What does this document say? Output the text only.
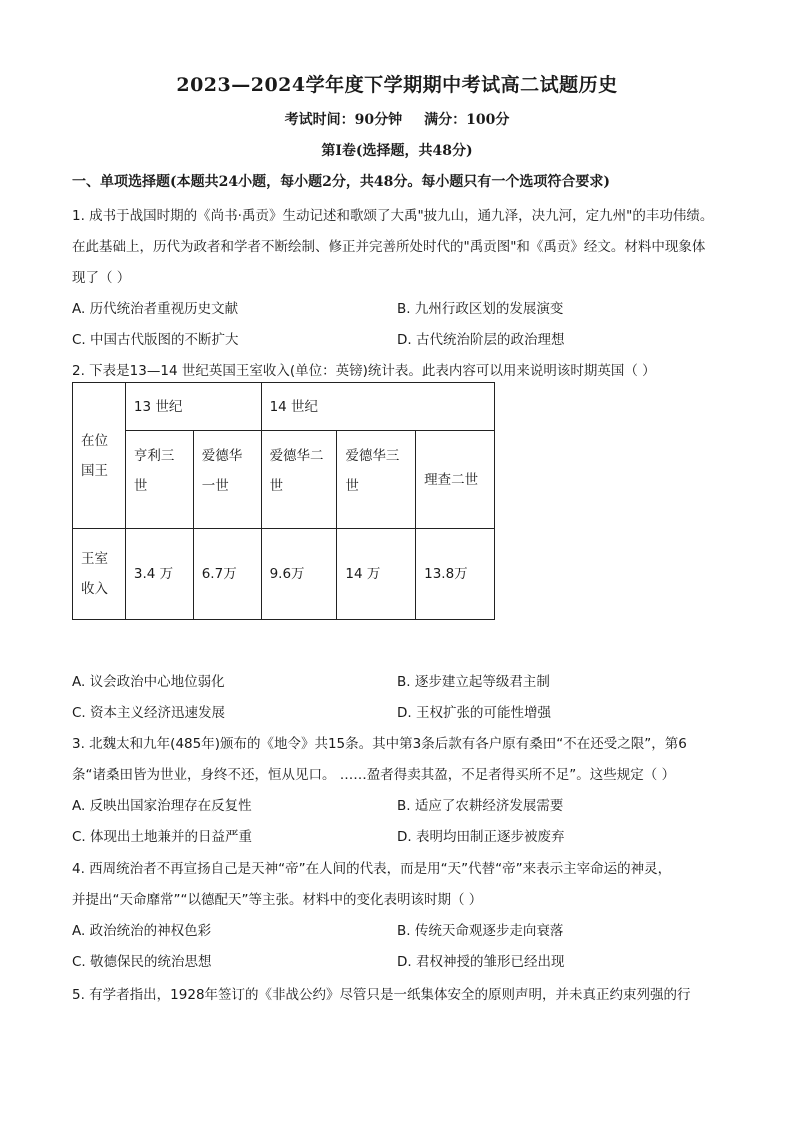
2023—2024学年度下学期期中考试高二试题历史
考试时间：90分钟 满分：100分
第I卷(选择题，共48分)
一、单项选择题(本题共24小题，每小题2分，共48分。每小题只有一个选项符合要求)
1. 成书于战国时期的《尚书·禹贡》生动记述和歌颂了大禹"披九山，通九泽，决九河，定九州"的丰功伟绩。
在此基础上，历代为政者和学者不断绘制、修正并完善所处时代的"禹贡图"和《禹贡》经文。材料中现象体
现了（ ）
A. 历代统治者重视历史文献	B. 九州行政区划的发展演变
C. 中国古代版图的不断扩大	D. 古代统治阶层的政治理想
2. 下表是13—14 世纪英国王室收入(单位：英镑)统计表。此表内容可以用来说明该时期英国（ ）
在位国王	13 世纪		14 世纪		
	亨利三世	爱德华一世	爱德华二世	爱德华三世	理查二世
王室收入	3.4 万	6.7万	9.6万	14 万	13.8万
A. 议会政治中心地位弱化	B. 逐步建立起等级君主制
C. 资本主义经济迅速发展	D. 王权扩张的可能性增强
3. 北魏太和九年(485年)颁布的《地令》共15条。其中第3条后款有各户原有桑田“不在还受之限”，第6
条“诸桑田皆为世业，身终不还，恒从见口。 ……盈者得卖其盈，不足者得买所不足”。这些规定（ ）
A. 反映出国家治理存在反复性	B. 适应了农耕经济发展需要
C. 体现出土地兼并的日益严重	D. 表明均田制正逐步被废弃
4. 西周统治者不再宣扬自己是天神“帝”在人间的代表，而是用“天”代替“帝”来表示主宰命运的神灵，
并提出“天命靡常”“以德配天”等主张。材料中的变化表明该时期（ ）
A. 政治统治的神权色彩	B. 传统天命观逐步走向衰落
C. 敬德保民的统治思想	D. 君权神授的雏形已经出现
5. 有学者指出，1928年签订的《非战公约》尽管只是一纸集体安全的原则声明，并未真正约束列强的行
